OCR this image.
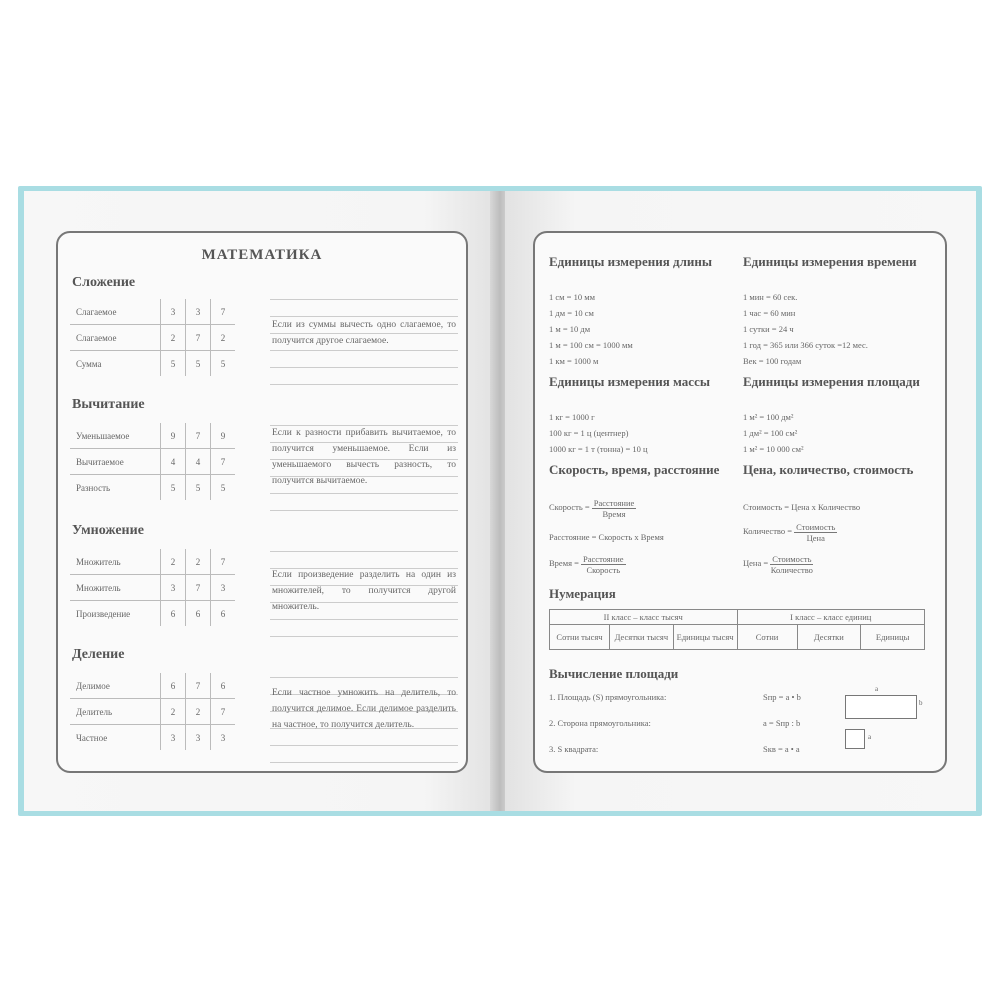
МАТЕМАТИКА
Сложение
Слагаемое	3	3	7
Слагаемое	2	7	2
Сумма	5	5	5
Если из суммы вычесть одно слагаемое, то получится другое слагаемое.
Вычитание
Уменьшаемое	9	7	9
Вычитаемое	4	4	7
Разность	5	5	5
Если к разности прибавить вычитаемое, то получится уменьшаемое. Если из уменьшаемого вычесть разность, то получится вычитаемое.
Умножение
Множитель	2	2	7
Множитель	3	7	3
Произведение	6	6	6
Если произведение разделить на один из множителей, то получится другой множитель.
Деление
Делимое	6	7	6
Делитель	2	2	7
Частное	3	3	3
Если частное умножить на делитель, то получится делимое. Если делимое разделить на частное, то получится делитель.
Единицы измерения длины
1 см = 10 мм
1 дм = 10 см
1 м = 10 дм
1 м = 100 см = 1000 мм
1 км = 1000 м
Единицы измерения времени
1 мин = 60 сек.
1 час = 60 мин
1 сутки = 24 ч
1 год = 365 или 366 суток =12 мес.
Век = 100 годам
Единицы измерения массы
1 кг = 1000 г
100 кг = 1 ц (центнер)
1000 кг = 1 т (тонна) = 10 ц
Единицы измерения площади
1 м² = 100 дм²
1 дм² = 100 см²
1 м² = 10 000 см²
Скорость, время, расстояние
Скорость = $\frac{\text{Расстояние}}{\text{Время}}$
Расстояние = Скорость x Время
Время = $\frac{\text{Расстояние}}{\text{Скорость}}$
Цена, количество, стоимость
Стоимость = Цена x Количество
Количество = $\frac{\text{Стоимость}}{\text{Цена}}$
Цена = $\frac{\text{Стоимость}}{\text{Количество}}$
Нумерация
II класс – класс тысяч			I класс – класс единиц		
Сотни тысяч	Десятки тысяч	Единицы тысяч	Сотни	Десятки	Единицы
Вычисление площади
1. Площадь (S) прямоугольника:	Sпр = a • b
2. Сторона прямоугольника:	a = Sпр : b
3. S квадрата:	Sкв = a • a
a
b
a
